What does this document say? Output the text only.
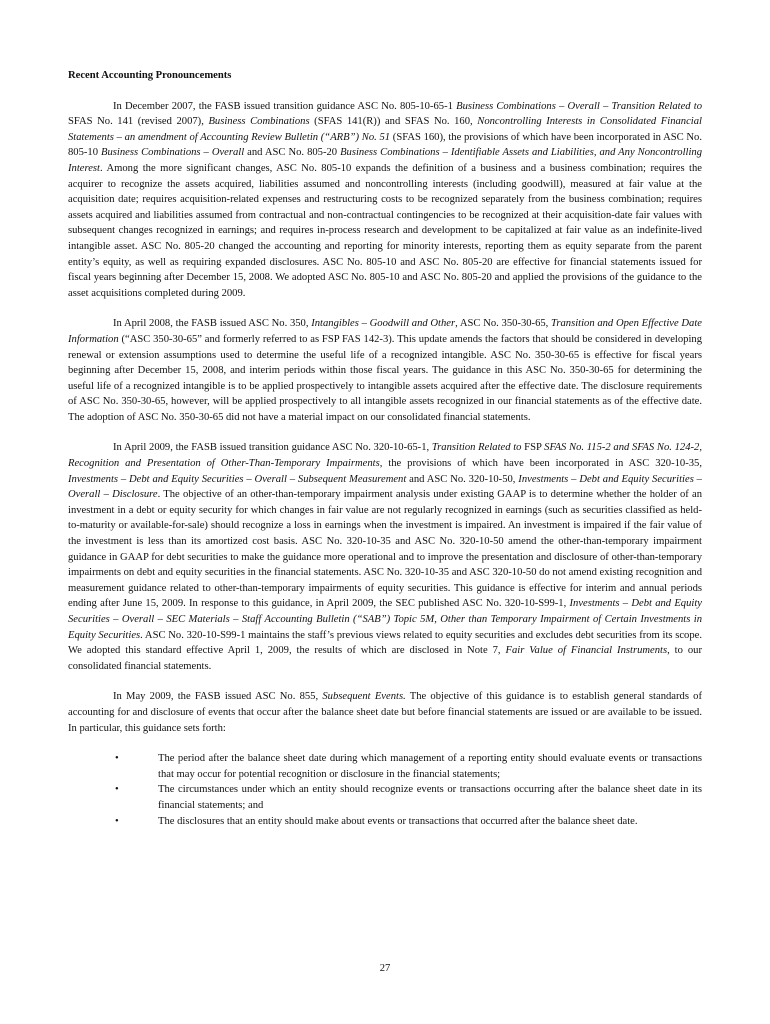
Recent Accounting Pronouncements

In December 2007, the FASB issued transition guidance ASC No. 805-10-65-1 Business Combinations – Overall – Transition Related to SFAS No. 141 (revised 2007), Business Combinations (SFAS 141(R)) and SFAS No. 160, Noncontrolling Interests in Consolidated Financial Statements – an amendment of Accounting Review Bulletin (“ARB”) No. 51 (SFAS 160), the provisions of which have been incorporated in ASC No. 805-10 Business Combinations – Overall and ASC No. 805-20 Business Combinations – Identifiable Assets and Liabilities, and Any Noncontrolling Interest. Among the more significant changes, ASC No. 805-10 expands the definition of a business and a business combination; requires the acquirer to recognize the assets acquired, liabilities assumed and noncontrolling interests (including goodwill), measured at fair value at the acquisition date; requires acquisition-related expenses and restructuring costs to be recognized separately from the business combination; requires assets acquired and liabilities assumed from contractual and non-contractual contingencies to be recognized at their acquisition-date fair values with subsequent changes recognized in earnings; and requires in-process research and development to be capitalized at fair value as an indefinite-lived intangible asset. ASC No. 805-20 changed the accounting and reporting for minority interests, reporting them as equity separate from the parent entity’s equity, as well as requiring expanded disclosures. ASC No. 805-10 and ASC No. 805-20 are effective for financial statements issued for fiscal years beginning after December 15, 2008. We adopted ASC No. 805-10 and ASC No. 805-20 and applied the provisions of the guidance to the asset acquisitions completed during 2009.

In April 2008, the FASB issued ASC No. 350, Intangibles – Goodwill and Other, ASC No. 350-30-65, Transition and Open Effective Date Information (“ASC 350-30-65” and formerly referred to as FSP FAS 142-3). This update amends the factors that should be considered in developing renewal or extension assumptions used to determine the useful life of a recognized intangible. ASC No. 350-30-65 is effective for fiscal years beginning after December 15, 2008, and interim periods within those fiscal years. The guidance in this ASC No. 350-30-65 for determining the useful life of a recognized intangible is to be applied prospectively to intangible assets acquired after the effective date. The disclosure requirements of ASC No. 350-30-65, however, will be applied prospectively to all intangible assets recognized in our financial statements as of the effective date. The adoption of ASC No. 350-30-65 did not have a material impact on our consolidated financial statements.

In April 2009, the FASB issued transition guidance ASC No. 320-10-65-1, Transition Related to FSP SFAS No. 115-2 and SFAS No. 124-2, Recognition and Presentation of Other-Than-Temporary Impairments, the provisions of which have been incorporated in ASC 320-10-35, Investments – Debt and Equity Securities – Overall – Subsequent Measurement and ASC No. 320-10-50, Investments – Debt and Equity Securities – Overall – Disclosure. The objective of an other-than-temporary impairment analysis under existing GAAP is to determine whether the holder of an investment in a debt or equity security for which changes in fair value are not regularly recognized in earnings (such as securities classified as held-to-maturity or available-for-sale) should recognize a loss in earnings when the investment is impaired. An investment is impaired if the fair value of the investment is less than its amortized cost basis. ASC No. 320-10-35 and ASC No. 320-10-50 amend the other-than-temporary impairment guidance in GAAP for debt securities to make the guidance more operational and to improve the presentation and disclosure of other-than-temporary impairments on debt and equity securities in the financial statements. ASC No. 320-10-35 and ASC 320-10-50 do not amend existing recognition and measurement guidance related to other-than-temporary impairments of equity securities. This guidance is effective for interim and annual periods ending after June 15, 2009. In response to this guidance, in April 2009, the SEC published ASC No. 320-10-S99-1, Investments – Debt and Equity Securities – Overall – SEC Materials – Staff Accounting Bulletin (“SAB”) Topic 5M, Other than Temporary Impairment of Certain Investments in Equity Securities. ASC No. 320-10-S99-1 maintains the staff’s previous views related to equity securities and excludes debt securities from its scope. We adopted this standard effective April 1, 2009, the results of which are disclosed in Note 7, Fair Value of Financial Instruments, to our consolidated financial statements.

In May 2009, the FASB issued ASC No. 855, Subsequent Events. The objective of this guidance is to establish general standards of accounting for and disclosure of events that occur after the balance sheet date but before financial statements are issued or are available to be issued. In particular, this guidance sets forth:

•	The period after the balance sheet date during which management of a reporting entity should evaluate events or transactions that may occur for potential recognition or disclosure in the financial statements;
•	The circumstances under which an entity should recognize events or transactions occurring after the balance sheet date in its financial statements; and
•	The disclosures that an entity should make about events or transactions that occurred after the balance sheet date.
27
